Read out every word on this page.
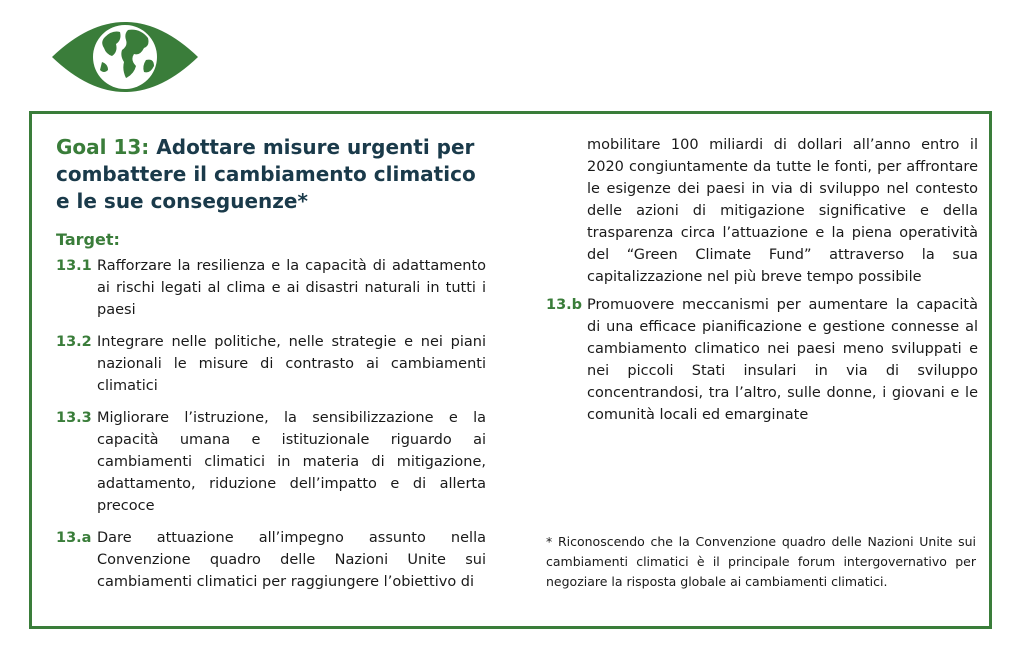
Goal 13: Adottare misure urgenti per combattere il cambiamento climatico e le sue conseguenze*
Target:
13.1 Rafforzare la resilienza e la capacità di adattamento ai rischi legati al clima e ai disastri naturali in tutti i paesi
13.2 Integrare nelle politiche, nelle strategie e nei piani nazionali le misure di contrasto ai cambiamenti climatici
13.3 Migliorare l’istruzione, la sensibilizzazione e la capacità umana e istituzionale riguardo ai cambiamenti climatici in materia di mitigazione, adattamento, riduzione dell’impatto e di allerta precoce
13.a Dare attuazione all’impegno assunto nella Convenzione quadro delle Nazioni Unite sui cambiamenti climatici per raggiungere l’obiettivo di
mobilitare 100 miliardi di dollari all’anno entro il 2020 congiuntamente da tutte le fonti, per affrontare le esigenze dei paesi in via di sviluppo nel contesto delle azioni di mitigazione significative e della trasparenza circa l’attuazione e la piena operatività del “Green Climate Fund” attraverso la sua capitalizzazione nel più breve tempo possibile
13.b Promuovere meccanismi per aumentare la capacità di una efficace pianificazione e gestione connesse al cambiamento climatico nei paesi meno sviluppati e nei piccoli Stati insulari in via di sviluppo concentrandosi, tra l’altro, sulle donne, i giovani e le comunità locali ed emarginate
* Riconoscendo che la Convenzione quadro delle Nazioni Unite sui cambiamenti climatici è il principale forum intergovernativo per negoziare la risposta globale ai cambiamenti climatici.
